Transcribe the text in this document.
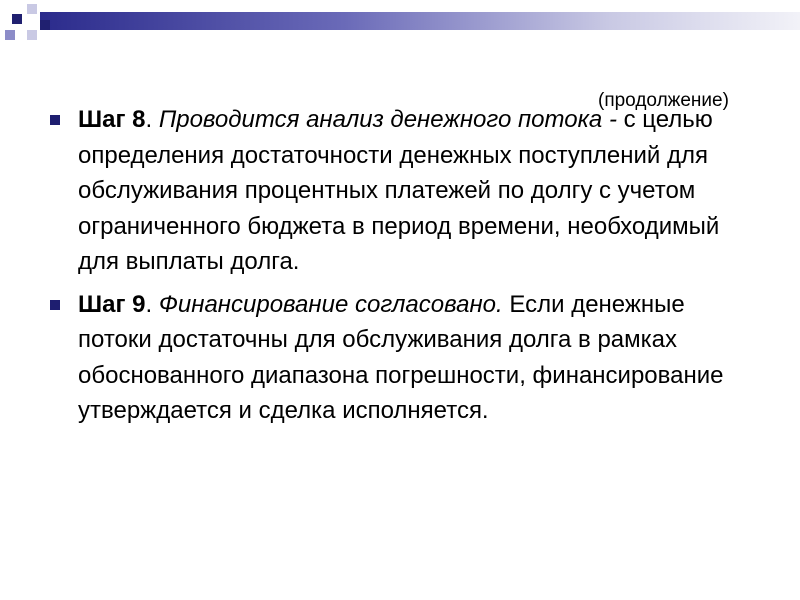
(продолжение)
Шаг 8. Проводится анализ денежного потока - с целью определения достаточности денежных поступлений для обслуживания процентных платежей по долгу с учетом ограниченного бюджета в период времени, необходимый для выплаты долга.
Шаг 9. Финансирование согласовано. Если денежные потоки достаточны для обслуживания долга в рамках обоснованного диапазона погрешности, финансирование утверждается и сделка исполняется.
